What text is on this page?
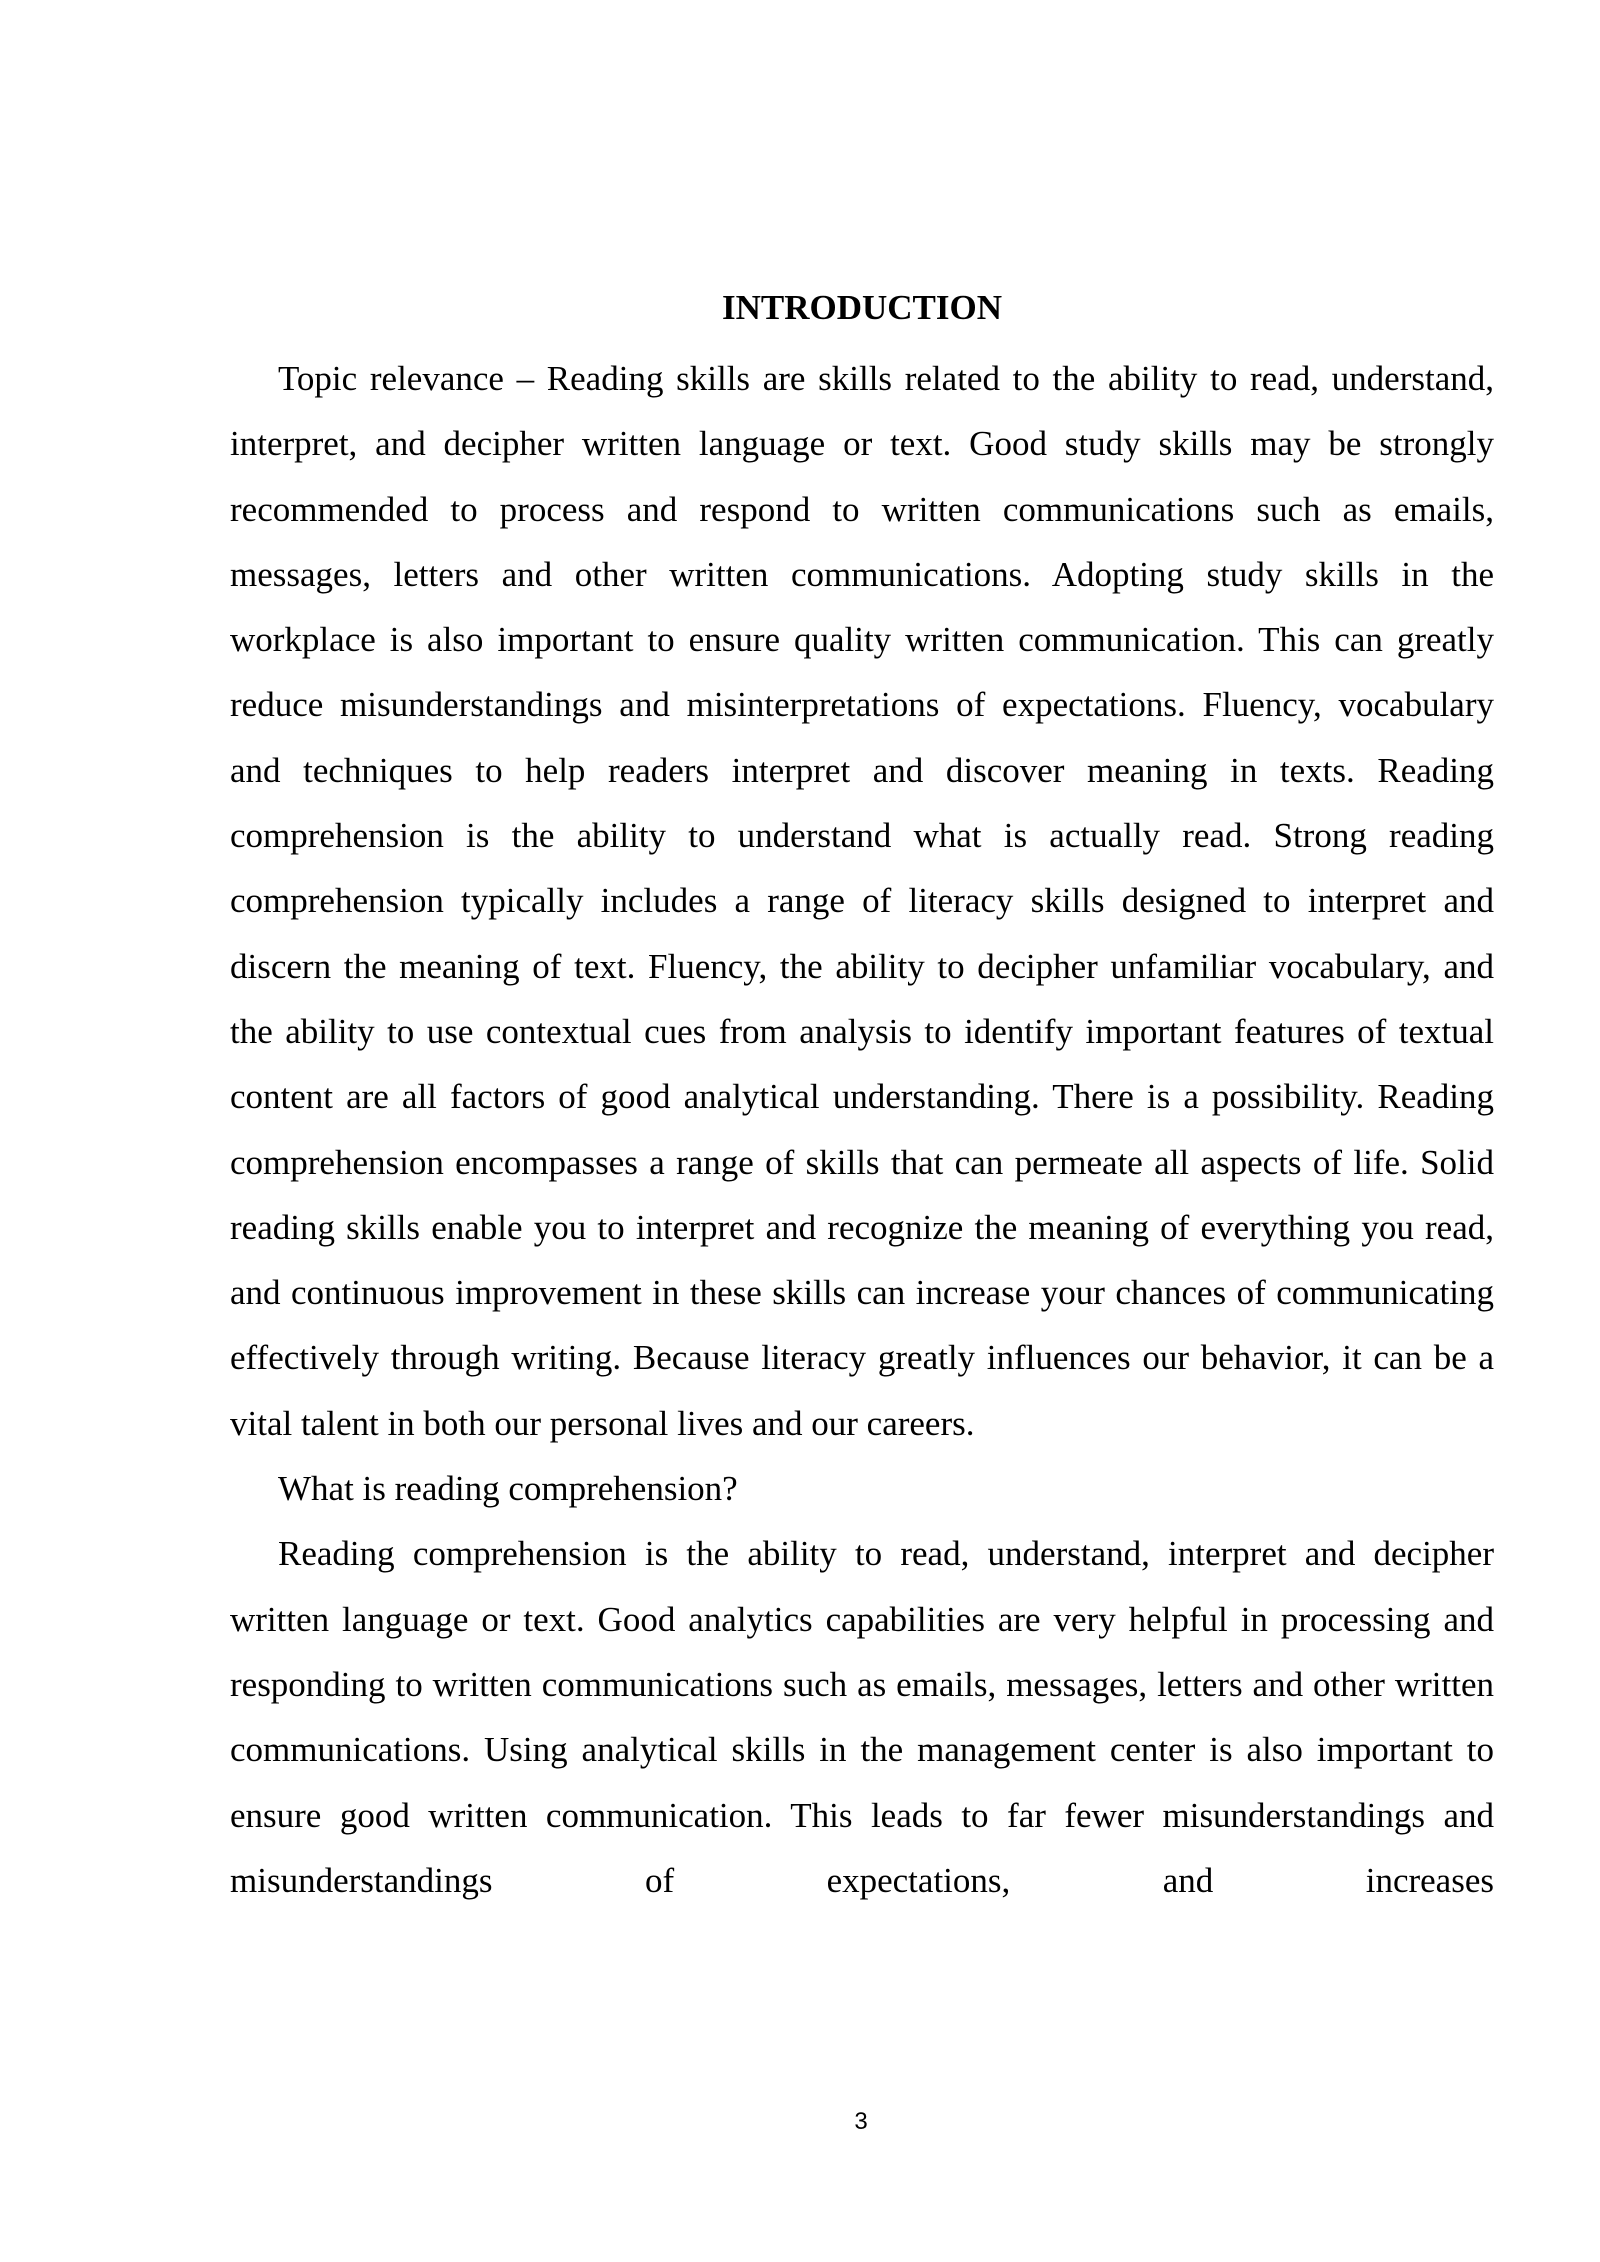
INTRODUCTION

Topic relevance – Reading skills are skills related to the ability to read, understand, interpret, and decipher written language or text. Good study skills may be strongly recommended to process and respond to written communications such as emails, messages, letters and other written communications. Adopting study skills in the workplace is also important to ensure quality written communication. This can greatly reduce misunderstandings and misinterpretations of expectations. Fluency, vocabulary and techniques to help readers interpret and discover meaning in texts. Reading comprehension is the ability to understand what is actually read. Strong reading comprehension typically includes a range of literacy skills designed to interpret and discern the meaning of text. Fluency, the ability to decipher unfamiliar vocabulary, and the ability to use contextual cues from analysis to identify important features of textual content are all factors of good analytical understanding. There is a possibility. Reading comprehension encompasses a range of skills that can permeate all aspects of life. Solid reading skills enable you to interpret and recognize the meaning of everything you read, and continuous improvement in these skills can increase your chances of communicating effectively through writing. Because literacy greatly influences our behavior, it can be a vital talent in both our personal lives and our careers.

What is reading comprehension?

Reading comprehension is the ability to read, understand, interpret and decipher written language or text. Good analytics capabilities are very helpful in processing and responding to written communications such as emails, messages, letters and other written communications. Using analytical skills in the management center is also important to ensure good written communication. This leads to far fewer misunderstandings and misunderstandings of expectations, and increases

3
